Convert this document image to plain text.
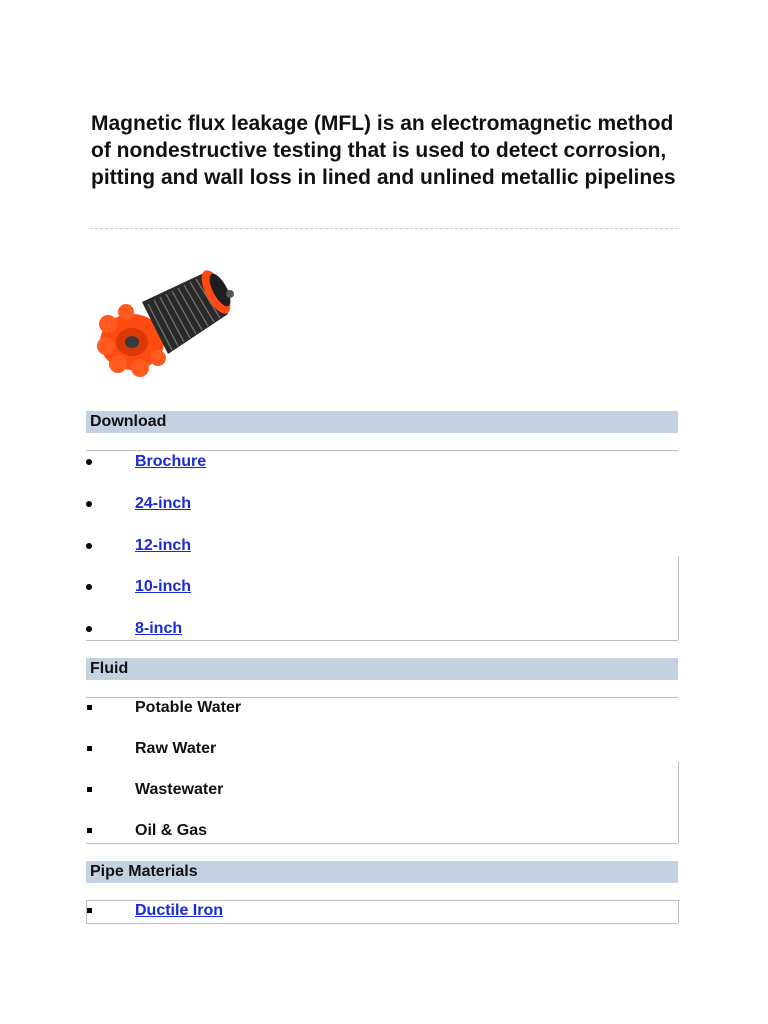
Magnetic flux leakage (MFL) is an electromagnetic method of nondestructive testing that is used to detect corrosion, pitting and wall loss in lined and unlined metallic pipelines
Download
Brochure
24-inch
12-inch
10-inch
8-inch
Fluid
Potable Water
Raw Water
Wastewater
Oil & Gas
Pipe Materials
Ductile Iron
